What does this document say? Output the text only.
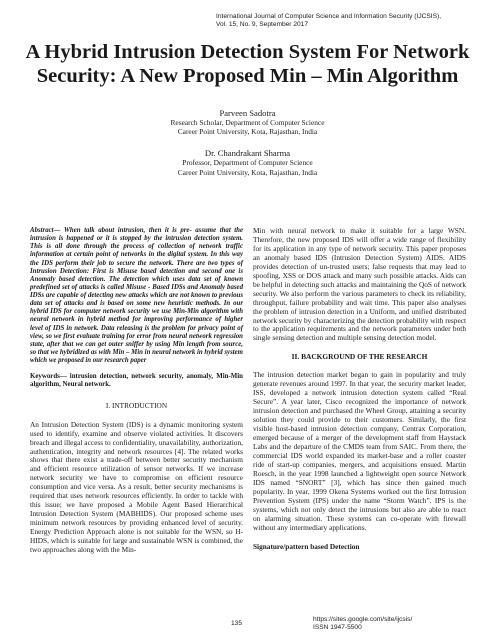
International Journal of Computer Science and Information Security (IJCSIS),
Vol. 15, No. 9, September 2017
A Hybrid Intrusion Detection System For Network
Security: A New Proposed Min – Min Algorithm
Parveen Sadotra
Research Scholar, Department of Computer Science
Career Point University, Kota, Rajasthan, India
Dr. Chandrakant Sharma
Professor, Department of Computer Science
Career Point University, Kota, Rajasthan, India

Abstract— When talk about intrusion, then it is pre- assume that the intrusion is happened or it is stopped by the intrusion detection system. This is all done through the process of collection of network traffic information at certain point of networks in the digital system. In this way the IDS perform their job to secure the network. There are two types of Intrusion Detection: First is Misuse based detection and second one is Anomaly based detection. The detection which uses data set of known predefined set of attacks is called Misuse - Based IDSs and Anomaly based IDSs are capable of detecting new attacks which are not known to previous data set of attacks and is based on some new heuristic methods. In our hybrid IDS for computer network security we use Min-Min algorithm with neural network in hybrid method for improving performance of higher level of IDS in network. Data releasing is the problem for privacy point of view, so we first evaluate training for error from neural network regression state, after that we can get outer sniffer by using Min length from source, so that we hybridized as with Min – Min in neural network in hybrid system which we proposed in our research paper

Keywords— intrusion detection, network security, anomaly, Min-Min algorithm, Neural network.

I. INTRODUCTION

An Intrusion Detection System (IDS) is a dynamic monitoring system used to identify, examine and observe violated activities. It discovers breach and illegal access to confidentiality, unavailability, authorization, authentication, integrity and network resources [4]. The related works shows that there exist a trade-off between better security mechanism and efficient resource utilization of sensor networks. If we increase network security we have to compromise on efficient resource consumption and vice versa. As a result, better security mechanisms is required that uses network resources efficiently. In order to tackle with this issue; we have proposed a Mobile Agent Based Hierarchical Intrusion Detection System (MABHIDS). Our proposed scheme uses minimum network resources by providing enhanced level of security. Energy Prediction Approach alone is not suitable for the WSN, so H-HIDS, which is suitable for large and sustainable WSN is combined, the two approaches along with the Min-

Min with neural network to make it suitable for a large WSN. Therefore, the new proposed IDS will offer a wide range of flexibility for its application in any type of network security. This paper proposes an anomaly based IDS (Intrusion Detection System) AIDS. AIDS provides detection of un-trusted users; false requests that may lead to spoofing, XSS or DOS attack and many such possible attacks. Aids can be helpful in detecting such attacks and maintaining the QoS of network security. We also perform the various parameters to check its reliability, throughput, failure probability and wait time. This paper also analyses the problem of intrusion detection in a Uniform, and unified distributed network security by characterizing the detection probability with respect to the application requirements and the network parameters under both single sensing detection and multiple sensing detection model.

II. BACKGROUND OF THE RESEARCH

The intrusion detection market began to gain in popularity and truly generate revenues around 1997. In that year, the security market leader, ISS, developed a network intrusion detection system called “Real Secure”. A year later, Cisco recognized the importance of network intrusion detection and purchased the Wheel Group, attaining a security solution they could provide to their customers. Similarly, the first visible host-based intrusion detection company, Centrax Corporation, emerged because of a merger of the development staff from Haystack Labs and the departure of the CMDS team from SAIC. From there, the commercial IDS world expanded its market-base and a roller coaster ride of start-up companies, mergers, and acquisitions ensued. Martin Roesch, in the year 1998 launched a lightweight open source Network IDS named “SNORT” [3], which has since then gained much popularity. In year, 1999 Okena Systems worked out the first Intrusion Prevention System (IPS) under the name “Storm Watch”. IPS is the systems, which not only detect the intrusions but also are able to react on alarming situation. These systems can co-operate with firewall without any intermediary applications.

Signature/pattern based Detection

135
https://sites.google.com/site/ijcsis/
ISSN 1947-5500
